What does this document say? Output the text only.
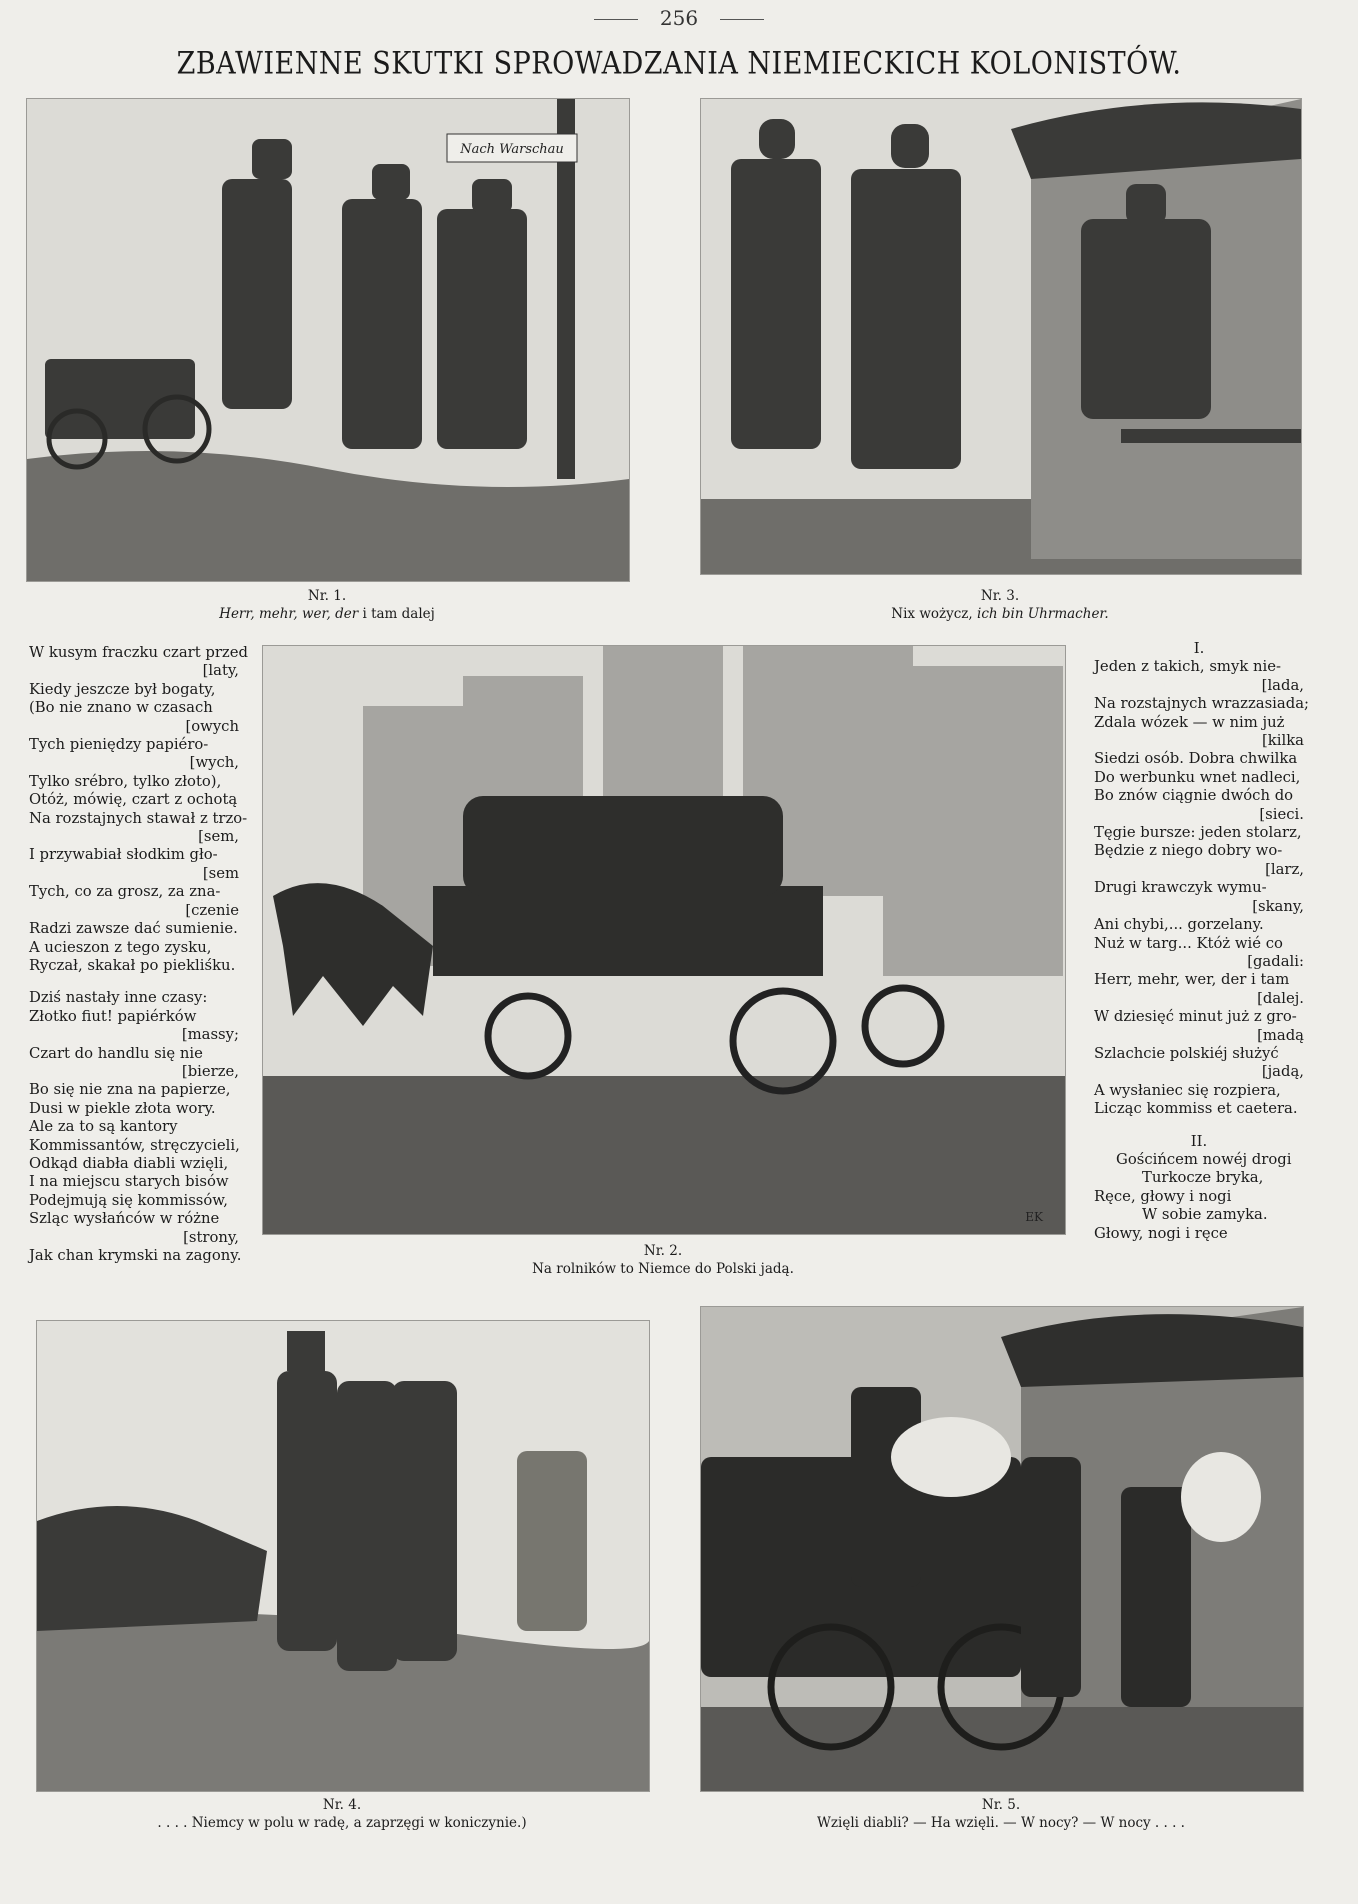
256
ZBAWIENNE SKUTKI SPROWADZANIA NIEMIECKICH KOLONISTÓW.
Nach Warschau
Nr. 1.
Herr, mehr, wer, der i tam dalej
Nr. 3.
Nix wożycz, ich bin Uhrmacher.
W kusym fraczku czart przed
[laty,
Kiedy jeszcze był bogaty,
(Bo nie znano w czasach
[owych
Tych pieniędzy papiéro-
[wych,
Tylko srébro, tylko złoto),
Otóż, mówię, czart z ochotą
Na rozstajnych stawał z trzo-
[sem,
I przywabiał słodkim gło-
[sem
Tych, co za grosz, za zna-
[czenie
Radzi zawsze dać sumienie.
A ucieszon z tego zysku,
Ryczał, skakał po piekliśku.
Dziś nastały inne czasy:
Złotko fiut! papiérków
[massy;
Czart do handlu się nie
[bierze,
Bo się nie zna na papierze,
Dusi w piekle złota wory.
Ale za to są kantory
Kommissantów, stręczycieli,
Odkąd diabła diabli wzięli,
I na miejscu starych bisów
Podejmują się kommissów,
Szląc wysłańców w różne
[strony,
Jak chan krymski na zagony.
EK
Nr. 2.
Na rolników to Niemce do Polski jadą.
I.
Jeden z takich, smyk nie-
[lada,
Na rozstajnych wrazzasiada;
Zdala wózek — w nim już
[kilka
Siedzi osób. Dobra chwilka
Do werbunku wnet nadleci,
Bo znów ciągnie dwóch do
[sieci.
Tęgie bursze: jeden stolarz,
Będzie z niego dobry wo-
[larz,
Drugi krawczyk wymu-
[skany,
Ani chybi,... gorzelany.
Nuż w targ... Któż wié co
[gadali:
Herr, mehr, wer, der i tam
[dalej.
W dziesięć minut już z gro-
[madą
Szlachcie polskiéj służyć
[jadą,
A wysłaniec się rozpiera,
Licząc kommiss et caetera.
II.
Gościńcem nowéj drogi
Turkocze bryka,
Ręce, głowy i nogi
W sobie zamyka.
Głowy, nogi i ręce
Nr. 4.
. . . . Niemcy w polu w radę, a zaprzęgi w koniczynie.)
Nr. 5.
Wzięli diabli? — Ha wzięli. — W nocy? — W nocy . . . .
